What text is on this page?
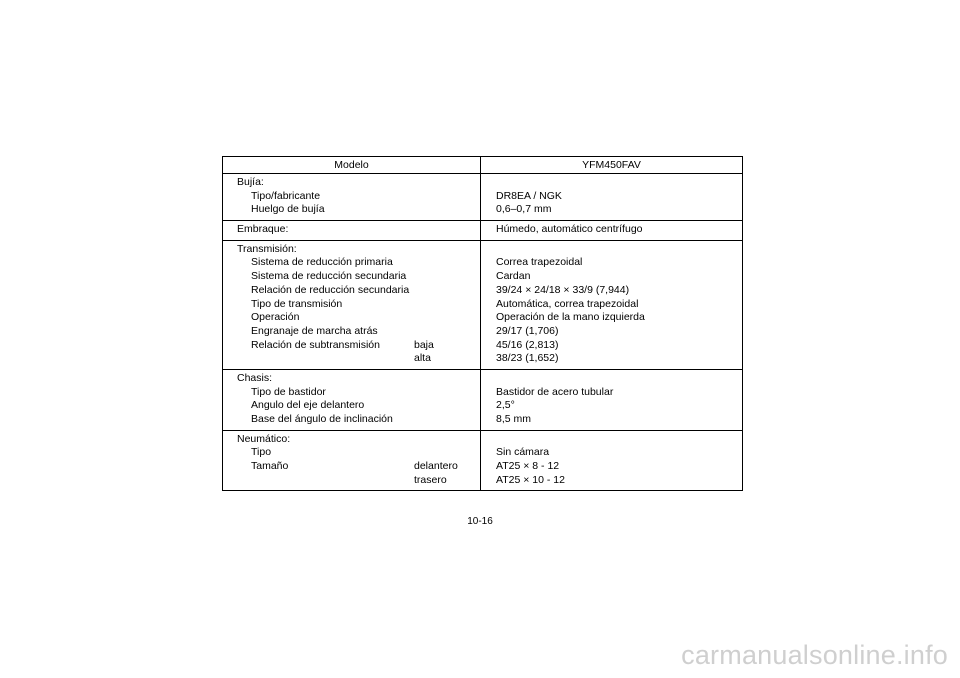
Modelo	YFM450FAV
Bujía:
Tipo/fabricante	DR8EA / NGK
Huelgo de bujía	0,6–0,7 mm
Embraque:	Húmedo, automático centrífugo
Transmisión:
Sistema de reducción primaria	Correa trapezoidal
Sistema de reducción secundaria	Cardan
Relación de reducción secundaria	39/24 × 24/18 × 33/9 (7,944)
Tipo de transmisión	Automática, correa trapezoidal
Operación	Operación de la mano izquierda
Engranaje de marcha atrás	29/17 (1,706)
Relación de subtransmisión	baja	45/16 (2,813)
alta	38/23 (1,652)
Chasis:
Tipo de bastidor	Bastidor de acero tubular
Angulo del eje delantero	2,5°
Base del ángulo de inclinación	8,5 mm
Neumático:
Tipo	Sin cámara
Tamaño	delantero	AT25 × 8 - 12
trasero	AT25 × 10 - 12
10-16
carmanualsonline.info
